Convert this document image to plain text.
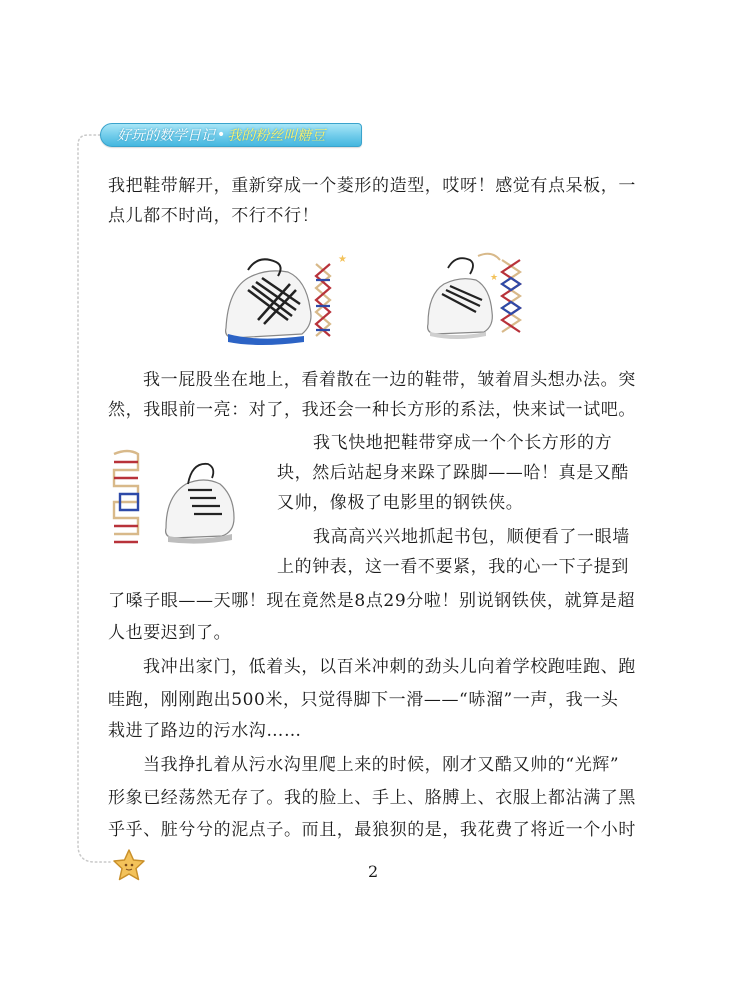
好玩的数学日记 • 我的粉丝叫糖豆

我把鞋带解开，重新穿成一个菱形的造型，哎呀！感觉有点呆板，一

点儿都不时尚，不行不行！

★
★

我一屁股坐在地上，看着散在一边的鞋带，皱着眉头想办法。突

然，我眼前一亮：对了，我还会一种长方形的系法，快来试一试吧。

我飞快地把鞋带穿成一个个长方形的方

块，然后站起身来跺了跺脚——哈！真是又酷

又帅，像极了电影里的钢铁侠。

我高高兴兴地抓起书包，顺便看了一眼墙

上的钟表，这一看不要紧，我的心一下子提到

了嗓子眼——天哪！现在竟然是8点29分啦！别说钢铁侠，就算是超

人也要迟到了。

我冲出家门，低着头，以百米冲刺的劲头儿向着学校跑哇跑、跑

哇跑，刚刚跑出500米，只觉得脚下一滑——“哧溜”一声，我一头

栽进了路边的污水沟……

当我挣扎着从污水沟里爬上来的时候，刚才又酷又帅的“光辉”

形象已经荡然无存了。我的脸上、手上、胳膊上、衣服上都沾满了黑

乎乎、脏兮兮的泥点子。而且，最狼狈的是，我花费了将近一个小时

2
